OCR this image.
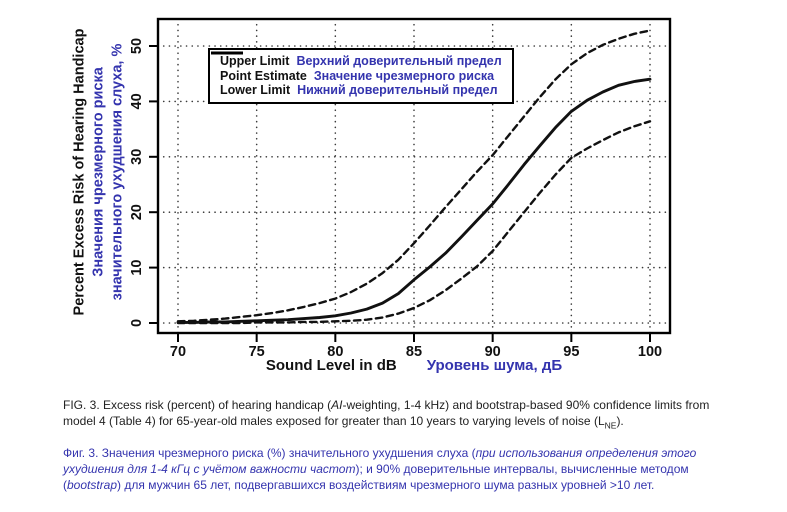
70	75	80	85	90	95	100
0
10
20
30
40
50
Percent Excess Risk of Hearing Handicap Значения чрезмерного риска значительного ухудшения слуха, %
Sound Level in dB Уровень шума, дБ
Upper Limit Верхний доверительный предел
Point Estimate Значение чрезмерного риска
Lower Limit Нижний доверительный предел
FIG. 3. Excess risk (percent) of hearing handicap (AI-weighting, 1-4 kHz) and bootstrap-based 90% confidence limits from model 4 (Table 4) for 65-year-old males exposed for greater than 10 years to varying levels of noise $(L_{NE})$.
Фиг. 3. Значения чрезмерного риска (%) значительного ухудшения слуха (при использования определения этого ухудшения для 1-4 кГц с учётом важности частот); и 90% доверительные интервалы, вычисленные методом (bootstrap) для мужчин 65 лет, подвергавшихся воздействиям чрезмерного шума разных уровней >10 лет.
